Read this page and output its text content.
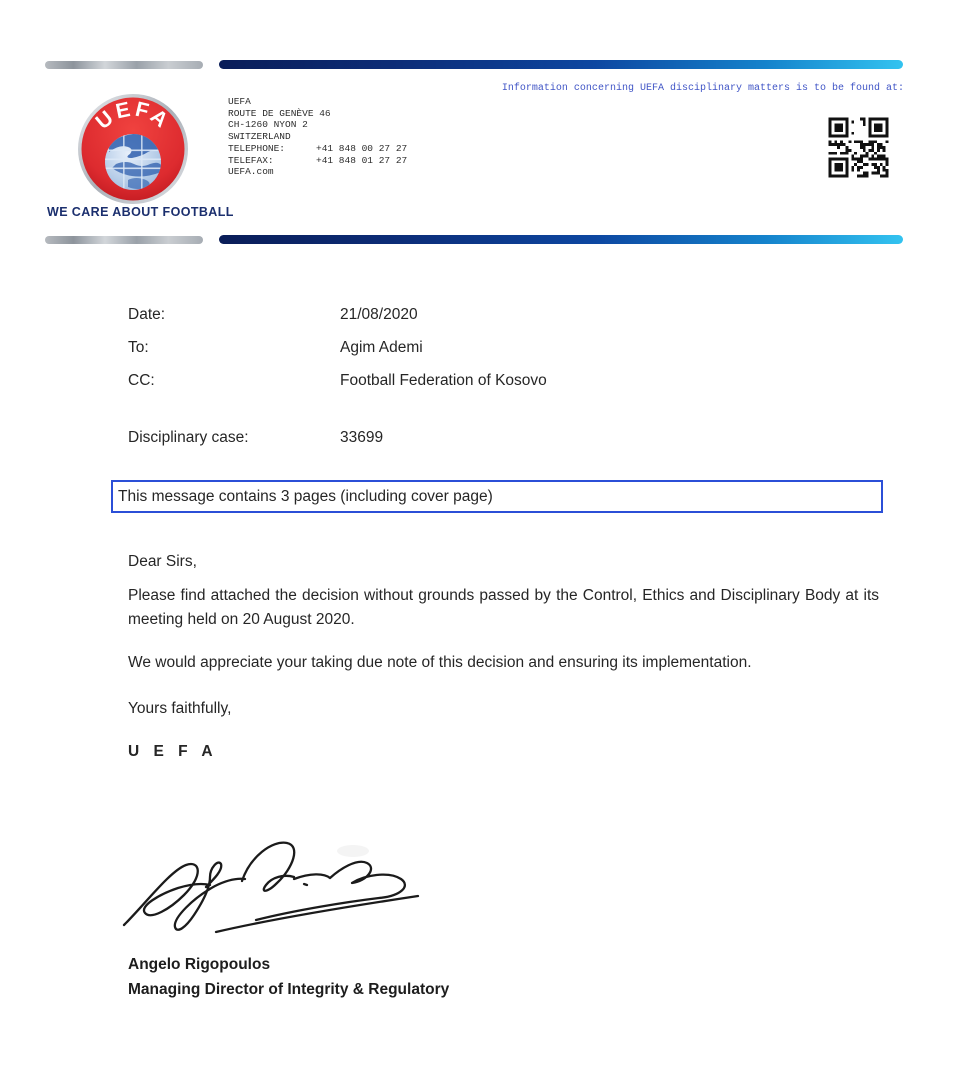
UEFA
WE CARE ABOUT FOOTBALL
UEFA
ROUTE DE GENÈVE 46
CH-1260 NYON 2
SWITZERLAND
TELEPHONE:	+41 848 00 27 27
TELEFAX:	+41 848 01 27 27
UEFA.com
Information concerning UEFA disciplinary matters is to be found at:
Date:	21/08/2020
To:	Agim Ademi
CC:	Football Federation of Kosovo
Disciplinary case:	33699
This message contains 3 pages (including cover page)
Dear Sirs,
Please find attached the decision without grounds passed by the Control, Ethics and Disciplinary Body at its meeting held on 20 August 2020.
We would appreciate your taking due note of this decision and ensuring its implementation.
Yours faithfully,
U E F A
Angelo Rigopoulos
Managing Director of Integrity & Regulatory
